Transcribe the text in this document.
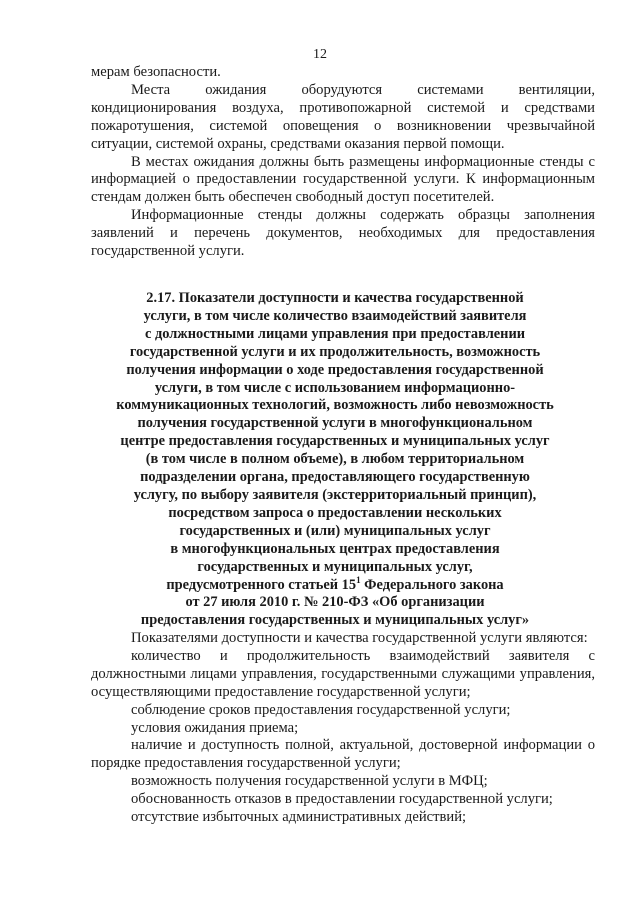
12

мерам безопасности.

Места ожидания оборудуются системами вентиляции, кондиционирования воздуха, противопожарной системой и средствами пожаротушения, системой оповещения о возникновении чрезвычайной ситуации, системой охраны, средствами оказания первой помощи.

В местах ожидания должны быть размещены информационные стенды с информацией о предоставлении государственной услуги. К информационным стендам должен быть обеспечен свободный доступ посетителей.

Информационные стенды должны содержать образцы заполнения заявлений и перечень документов, необходимых для предоставления государственной услуги.

2.17. Показатели доступности и качества государственной
услуги, в том числе количество взаимодействий заявителя
с должностными лицами управления при предоставлении
государственной услуги и их продолжительность, возможность
получения информации о ходе предоставления государственной
услуги, в том числе с использованием информационно-
коммуникационных технологий, возможность либо невозможность
получения государственной услуги в многофункциональном
центре предоставления государственных и муниципальных услуг
(в том числе в полном объеме), в любом территориальном
подразделении органа, предоставляющего государственную
услугу, по выбору заявителя (экстерриториальный принцип),
посредством запроса о предоставлении нескольких
государственных и (или) муниципальных услуг
в многофункциональных центрах предоставления
государственных и муниципальных услуг,
предусмотренного статьей $15^1$ Федерального закона
от 27 июля 2010 г. № 210-ФЗ «Об организации
предоставления государственных и муниципальных услуг»

Показателями доступности и качества государственной услуги являются:

количество и продолжительность взаимодействий заявителя с должностными лицами управления, государственными служащими управления, осуществляющими предоставление государственной услуги;

соблюдение сроков предоставления государственной услуги;

условия ожидания приема;

наличие и доступность полной, актуальной, достоверной информации о порядке предоставления государственной услуги;

возможность получения государственной услуги в МФЦ;

обоснованность отказов в предоставлении государственной услуги;

отсутствие избыточных административных действий;
